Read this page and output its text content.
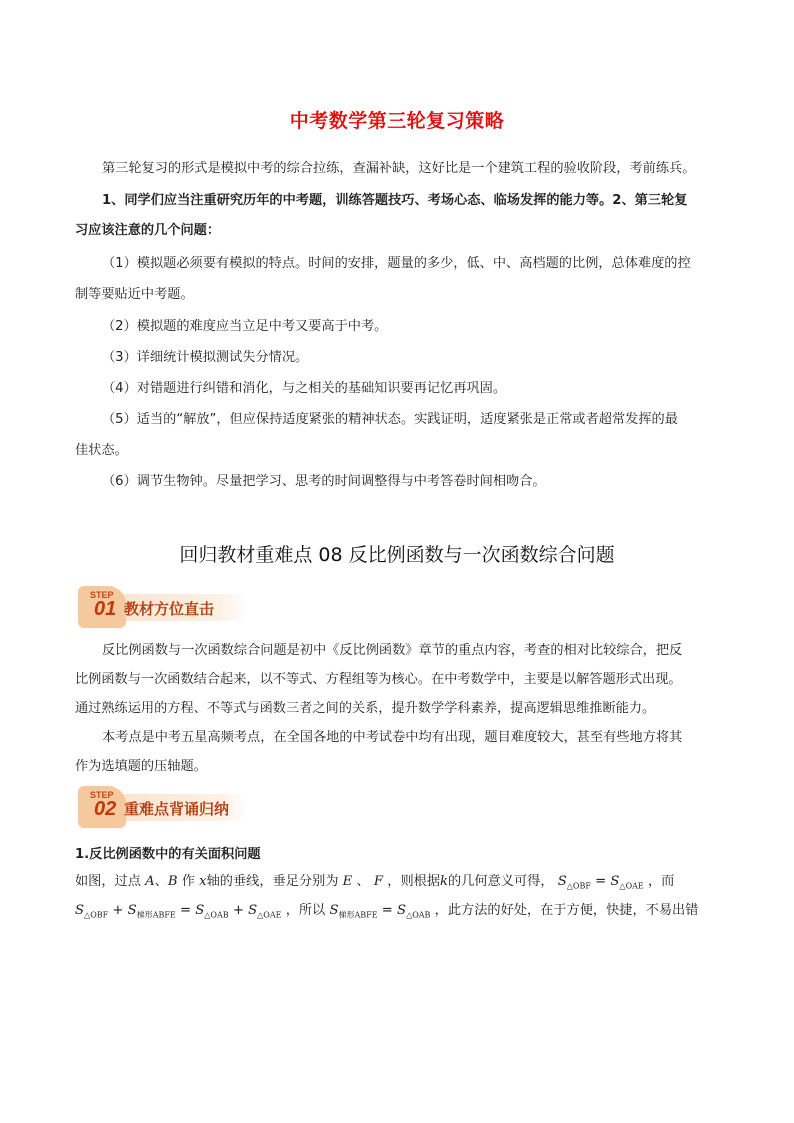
中考数学第三轮复习策略
第三轮复习的形式是模拟中考的综合拉练，查漏补缺，这好比是一个建筑工程的验收阶段，考前练兵。
1、同学们应当注重研究历年的中考题，训练答题技巧、考场心态、临场发挥的能力等。2、第三轮复
习应该注意的几个问题：
（1）模拟题必须要有模拟的特点。时间的安排，题量的多少，低、中、高档题的比例，总体难度的控
制等要贴近中考题。
（2）模拟题的难度应当立足中考又要高于中考。
（3）详细统计模拟测试失分情况。
（4）对错题进行纠错和消化，与之相关的基础知识要再记忆再巩固。
（5）适当的“解放”，但应保持适度紧张的精神状态。实践证明，适度紧张是正常或者超常发挥的最
佳状态。
（6）调节生物钟。尽量把学习、思考的时间调整得与中考答卷时间相吻合。
回归教材重难点 08 反比例函数与一次函数综合问题
STEP
01 教材方位直击
反比例函数与一次函数综合问题是初中《反比例函数》章节的重点内容，考查的相对比较综合，把反
比例函数与一次函数结合起来，以不等式、方程组等为核心。在中考数学中，主要是以解答题形式出现。
通过熟练运用的方程、不等式与函数三者之间的关系，提升数学学科素养，提高逻辑思维推断能力。
本考点是中考五星高频考点，在全国各地的中考试卷中均有出现，题目难度较大，甚至有些地方将其
作为选填题的压轴题。
STEP
02 重难点背诵归纳
1.反比例函数中的有关面积问题
如图，过点 A、B 作 x轴的垂线，垂足分别为 E 、 F ，则根据k的几何意义可得， $S_{\triangle OBF} = S_{\triangle OAE}$ ，而
$S_{\triangle OBF} + S_{梯形ABFE} = S_{\triangle OAB} + S_{\triangle OAE}$ ，所以 $S_{梯形ABFE} = S_{\triangle OAB}$ ，此方法的好处，在于方便，快捷，不易出错
